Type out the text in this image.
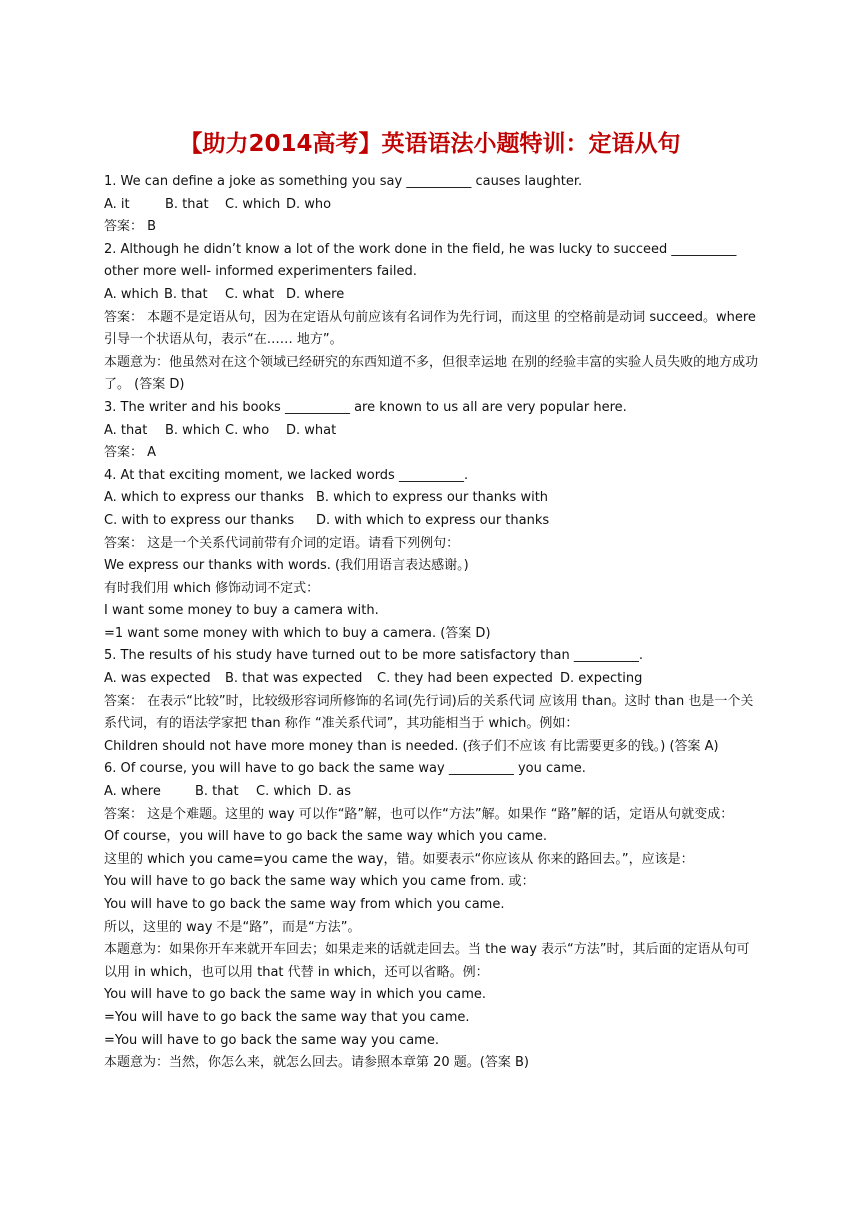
【助力2014高考】英语语法小题特训：定语从句
1. We can define a joke as something you say __________ causes laughter.
A. it	B. that	C. which D. who
答案： B
2. Although he didn’t know a lot of the work done in the field, he was lucky to succeed __________ other more well- informed experimenters failed.
A. which B. that	C. what D. where
答案： 本题不是定语从句，因为在定语从句前应该有名词作为先行词，而这里 的空格前是动词 succeed。where 引导一个状语从句，表示“在…… 地方”。
本题意为：他虽然对在这个领域已经研究的东西知道不多，但很幸运地 在别的经验丰富的实验人员失败的地方成功了。 (答案 D)
3. The writer and his books __________ are known to us all are very popular here.
A. that	B. which C. who	D. what
答案： A
4. At that exciting moment, we lacked words __________.
A. which to express our thanks B. which to express our thanks with
C. with to express our thanks	D. with which to express our thanks
答案： 这是一个关系代词前带有介词的定语。请看下列例句：
We express our thanks with words. (我们用语言表达感谢。)
有时我们用 which 修饰动词不定式：
I want some money to buy a camera with.
=1 want some money with which to buy a camera. (答案 D)
5. The results of his study have turned out to be more satisfactory than __________.
A. was expected	B. that was expected	C. they had been expected D. expecting
答案： 在表示“比较”时，比较级形容词所修饰的名词(先行词)后的关系代词 应该用 than。这时 than 也是一个关系代词，有的语法学家把 than 称作 “准关系代词”，其功能相当于 which。例如：
Children should not have more money than is needed. (孩子们不应该 有比需要更多的钱。) (答案 A)
6. Of course, you will have to go back the same way __________ you came.
A. where	B. that	C. which D. as
答案： 这是个难题。这里的 way 可以作“路”解，也可以作“方法”解。如果作 “路”解的话，定语从句就变成：
Of course，you will have to go back the same way which you came.
这里的 which you came=you came the way，错。如要表示“你应该从 你来的路回去。”，应该是：
You will have to go back the same way which you came from. 或：
You will have to go back the same way from which you came.
所以，这里的 way 不是“路”，而是“方法”。
本题意为：如果你开车来就开车回去；如果走来的话就走回去。当 the way 表示“方法”时，其后面的定语从句可以用 in which，也可以用 that 代替 in which，还可以省略。例：
You will have to go back the same way in which you came.
=You will have to go back the same way that you came.
=You will have to go back the same way you came.
本题意为：当然，你怎么来，就怎么回去。请参照本章第 20 题。(答案 B)
